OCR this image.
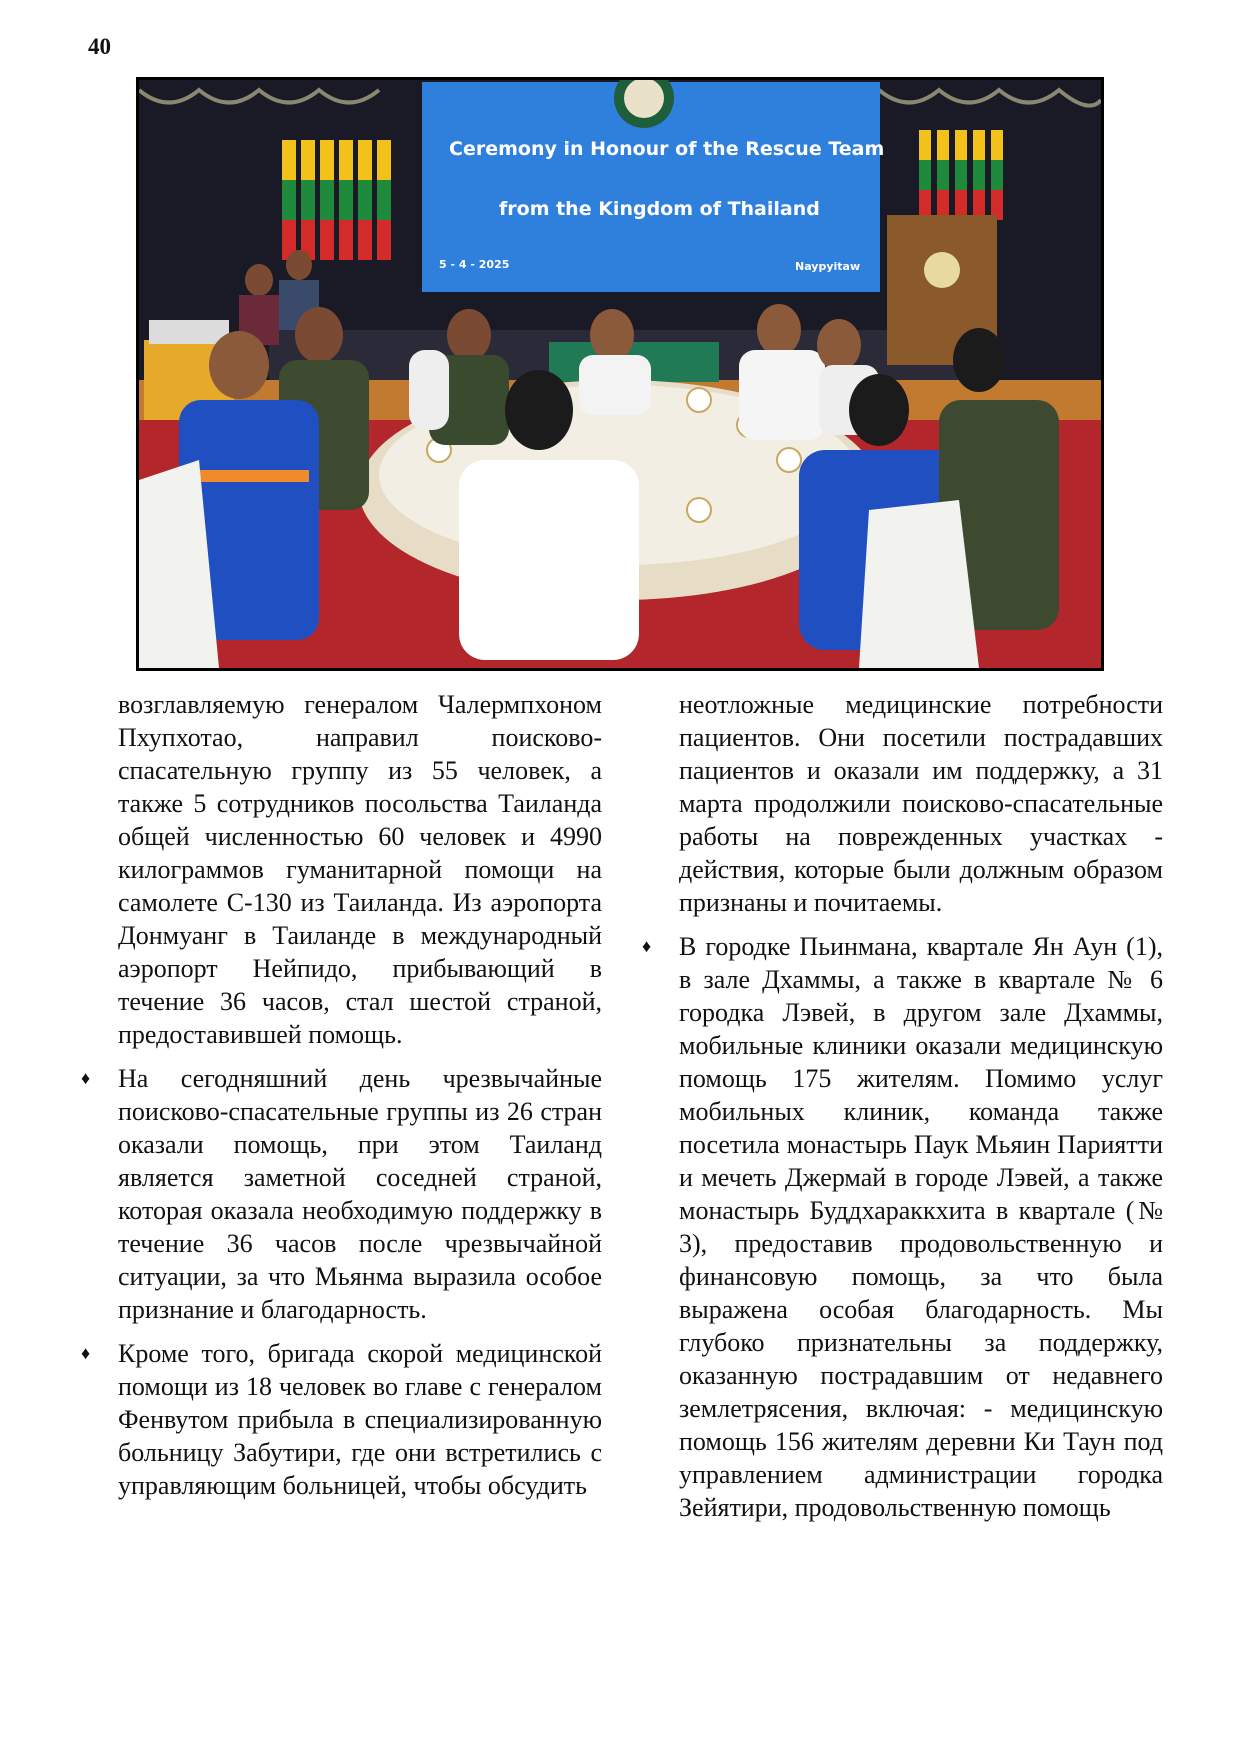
40
Ceremony in Honour of the Rescue Team
from the Kingdom of Thailand
5 - 4 - 2025	Naypyitaw

возглавляемую генералом Чалермпхоном Пхупхотао, направил поисково-спасательную группу из 55 человек, а также 5 сотрудников посольства Таиланда общей численностью 60 человек и 4990 килограммов гуманитарной помощи на самолете C-130 из Таиланда. Из аэропорта Донмуанг в Таиланде в международный аэропорт Нейпидо, прибывающий в течение 36 часов, стал шестой страной, предоставившей помощь.

♦ На сегодняшний день чрезвычайные поисково-спасательные группы из 26 стран оказали помощь, при этом Таиланд является заметной соседней страной, которая оказала необходимую поддержку в течение 36 часов после чрезвычайной ситуации, за что Мьянма выразила особое признание и благодарность.
♦ Кроме того, бригада скорой медицинской помощи из 18 человек во главе с генералом Фенвутом прибыла в специализированную больницу Забутири, где они встретились с управляющим больницей, чтобы обсудить

неотложные медицинские потребности пациентов. Они посетили пострадавших пациентов и оказали им поддержку, а 31 марта продолжили поисково-спасательные работы на поврежденных участках - действия, которые были должным образом признаны и почитаемы.

♦ В городке Пьинмана, квартале Ян Аун (1), в зале Дхаммы, а также в квартале № 6 городка Лэвей, в другом зале Дхаммы, мобильные клиники оказали медицинскую помощь 175 жителям. Помимо услуг мобильных клиник, команда также посетила монастырь Паук Мьяин Париятти и мечеть Джермай в городе Лэвей, а также монастырь Буддхараккхита в квартале (№ 3), предоставив продовольственную и финансовую помощь, за что была выражена особая благодарность. Мы глубоко признательны за поддержку, оказанную пострадавшим от недавнего землетрясения, включая: - медицинскую помощь 156 жителям деревни Ки Таун под управлением администрации городка Зейятири, продовольственную помощь
